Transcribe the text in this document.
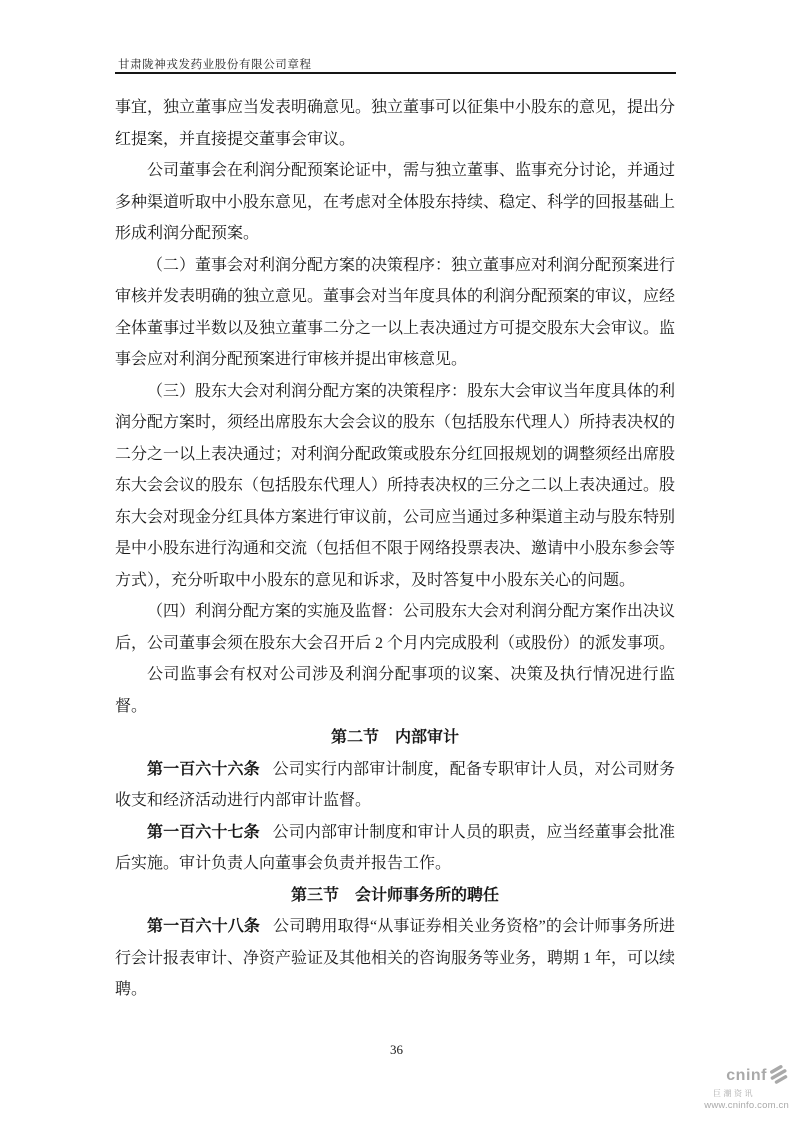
甘肃陇神戎发药业股份有限公司章程

事宜，独立董事应当发表明确意见。独立董事可以征集中小股东的意见，提出分红提案，并直接提交董事会审议。

公司董事会在利润分配预案论证中，需与独立董事、监事充分讨论，并通过多种渠道听取中小股东意见，在考虑对全体股东持续、稳定、科学的回报基础上形成利润分配预案。

（二）董事会对利润分配方案的决策程序：独立董事应对利润分配预案进行审核并发表明确的独立意见。董事会对当年度具体的利润分配预案的审议，应经全体董事过半数以及独立董事二分之一以上表决通过方可提交股东大会审议。监事会应对利润分配预案进行审核并提出审核意见。

（三）股东大会对利润分配方案的决策程序：股东大会审议当年度具体的利润分配方案时，须经出席股东大会会议的股东（包括股东代理人）所持表决权的二分之一以上表决通过；对利润分配政策或股东分红回报规划的调整须经出席股东大会会议的股东（包括股东代理人）所持表决权的三分之二以上表决通过。股东大会对现金分红具体方案进行审议前，公司应当通过多种渠道主动与股东特别是中小股东进行沟通和交流（包括但不限于网络投票表决、邀请中小股东参会等方式），充分听取中小股东的意见和诉求，及时答复中小股东关心的问题。

（四）利润分配方案的实施及监督：公司股东大会对利润分配方案作出决议后，公司董事会须在股东大会召开后 2 个月内完成股利（或股份）的派发事项。

公司监事会有权对公司涉及利润分配事项的议案、决策及执行情况进行监督。

第二节　内部审计

第一百六十六条 公司实行内部审计制度，配备专职审计人员，对公司财务收支和经济活动进行内部审计监督。

第一百六十七条 公司内部审计制度和审计人员的职责，应当经董事会批准后实施。审计负责人向董事会负责并报告工作。

第三节　会计师事务所的聘任

第一百六十八条 公司聘用取得“从事证券相关业务资格”的会计师事务所进行会计报表审计、净资产验证及其他相关的咨询服务等业务，聘期 1 年，可以续聘。

36
cninf
巨潮资讯
www.cninfo.com.cn
